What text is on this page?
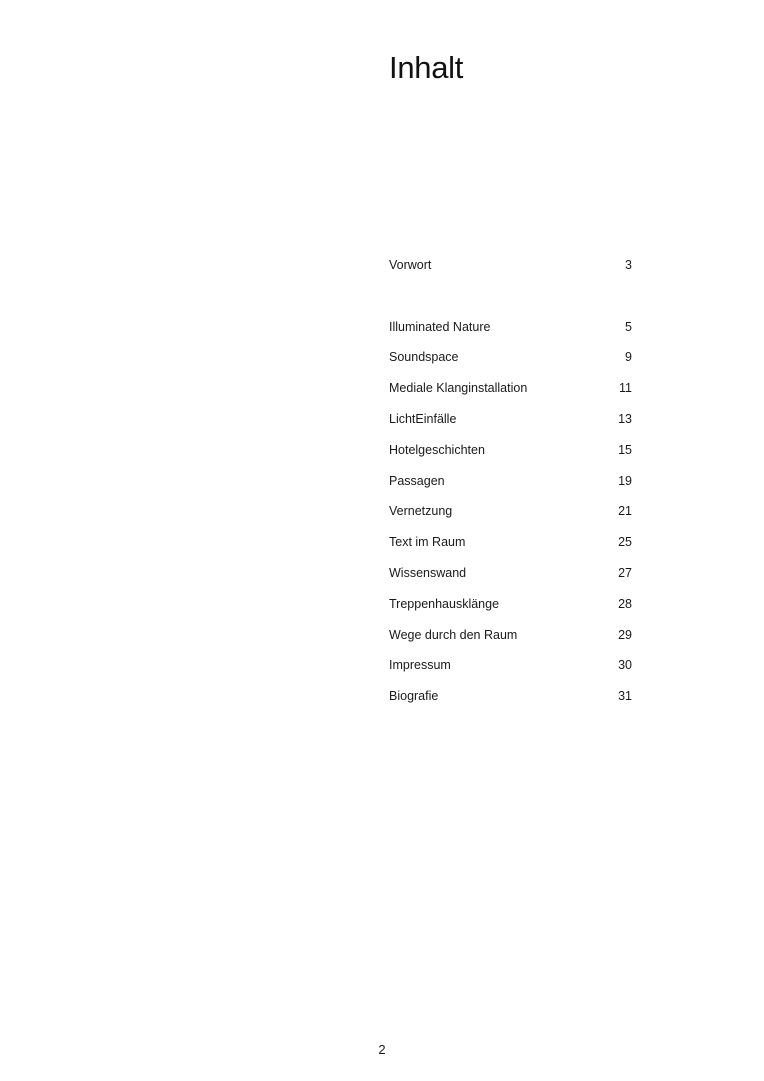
Inhalt
Vorwort	3
Illuminated Nature	5
Soundspace	9
Mediale Klanginstallation	11
LichtEinfälle	13
Hotelgeschichten	15
Passagen	19
Vernetzung	21
Text im Raum	25
Wissenswand	27
Treppenhausklänge	28
Wege durch den Raum	29
Impressum	30
Biografie	31
2
